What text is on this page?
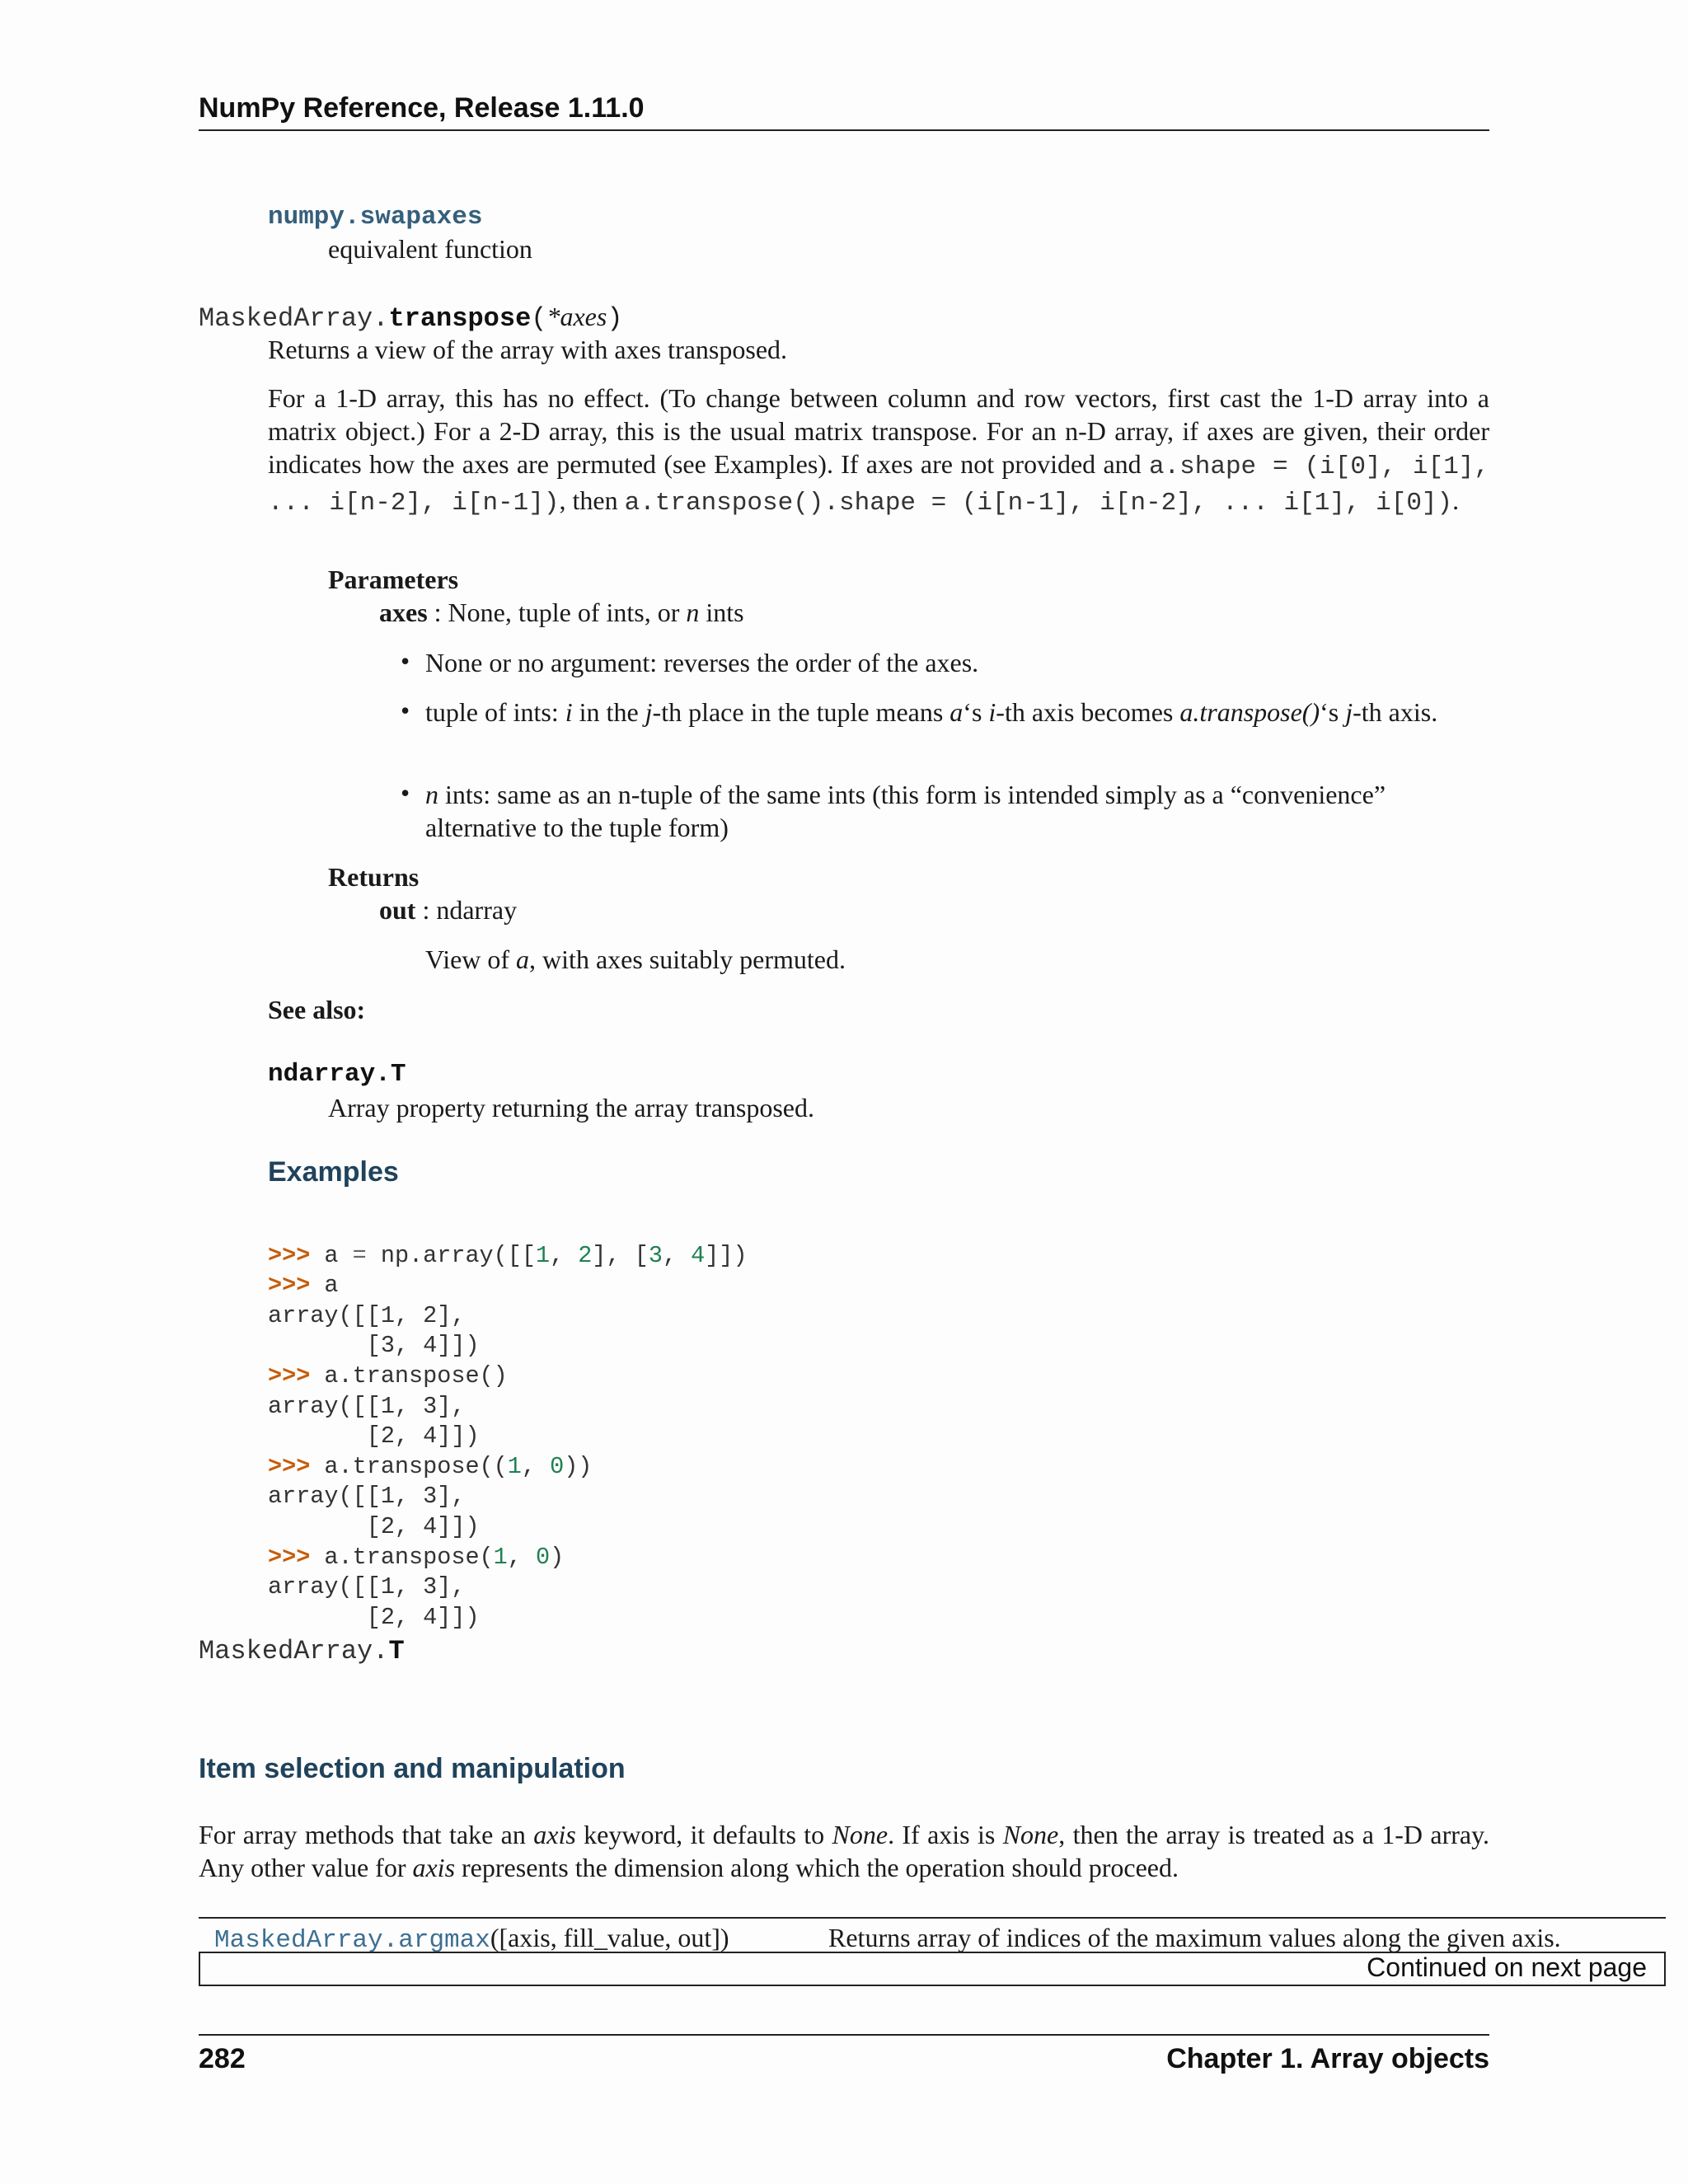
NumPy Reference, Release 1.11.0
numpy.swapaxes
equivalent function
MaskedArray.transpose(*axes)
Returns a view of the array with axes transposed.
For a 1-D array, this has no effect. (To change between column and row vectors, first cast the 1-D array into a matrix object.) For a 2-D array, this is the usual matrix transpose. For an n-D array, if axes are given, their order indicates how the axes are permuted (see Examples). If axes are not provided and a.shape = (i[0], i[1], ... i[n-2], i[n-1]), then a.transpose().shape = (i[n-1], i[n-2], ... i[1], i[0]).
Parameters
axes : None, tuple of ints, or n ints
• None or no argument: reverses the order of the axes.
• tuple of ints: i in the j-th place in the tuple means a‘s i-th axis becomes a.transpose()‘s j-th axis.
• n ints: same as an n-tuple of the same ints (this form is intended simply as a “convenience” alternative to the tuple form)
Returns
out : ndarray
View of a, with axes suitably permuted.
See also:
ndarray.T
Array property returning the array transposed.
Examples

>>> a = np.array([[1, 2], [3, 4]])
>>> a
array([[1, 2],
[3, 4]])
>>> a.transpose()
array([[1, 3],
[2, 4]])
>>> a.transpose((1, 0))
array([[1, 3],
[2, 4]])
>>> a.transpose(1, 0)
array([[1, 3],
[2, 4]])

MaskedArray.T
Item selection and manipulation
For array methods that take an axis keyword, it defaults to None. If axis is None, then the array is treated as a 1-D array. Any other value for axis represents the dimension along which the operation should proceed.
MaskedArray.argmax([axis, fill_value, out])	Returns array of indices of the maximum values along the given axis.
Continued on next page
282	Chapter 1. Array objects
